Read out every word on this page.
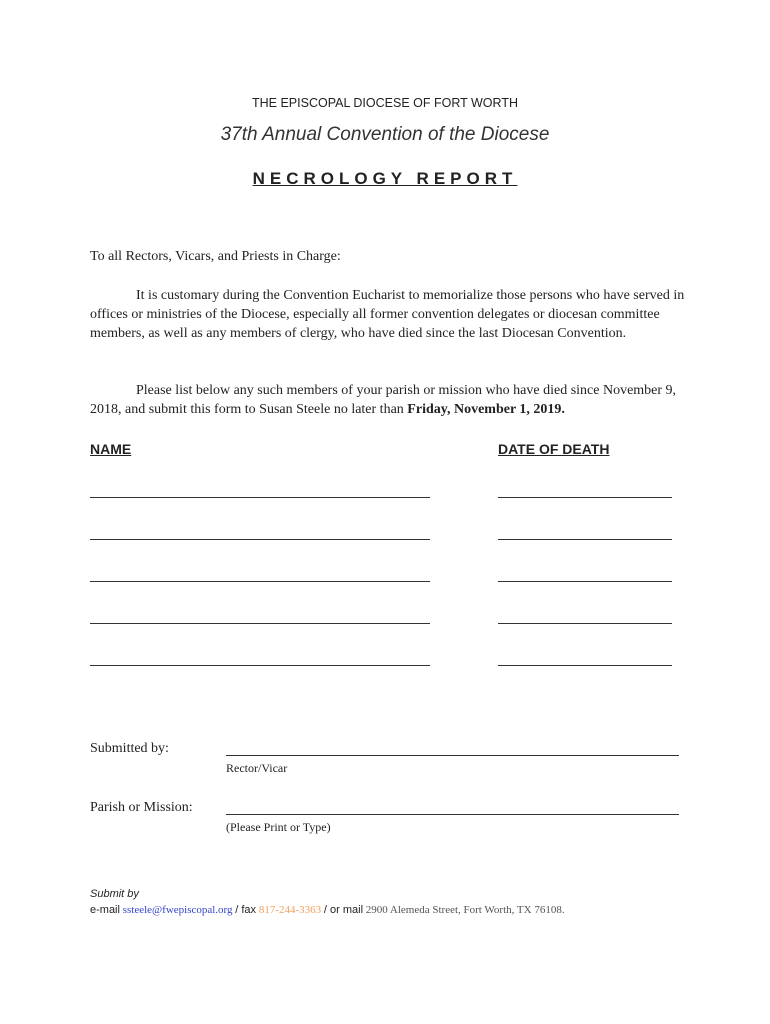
THE EPISCOPAL DIOCESE OF FORT WORTH
37th Annual Convention of the Diocese
NECROLOGY REPORT
To all Rectors, Vicars, and Priests in Charge:
It is customary during the Convention Eucharist to memorialize those persons who have served in offices or ministries of the Diocese, especially all former convention delegates or diocesan committee members, as well as any members of clergy, who have died since the last Diocesan Convention.
Please list below any such members of your parish or mission who have died since November 9, 2018, and submit this form to Susan Steele no later than Friday, November 1, 2019.
NAME	DATE OF DEATH
Submitted by:
Rector/Vicar
Parish or Mission:
(Please Print or Type)
Submit by
e-mail ssteele@fwepiscopal.org / fax 817-244-3363 / or mail 2900 Alemeda Street, Fort Worth, TX 76108.
